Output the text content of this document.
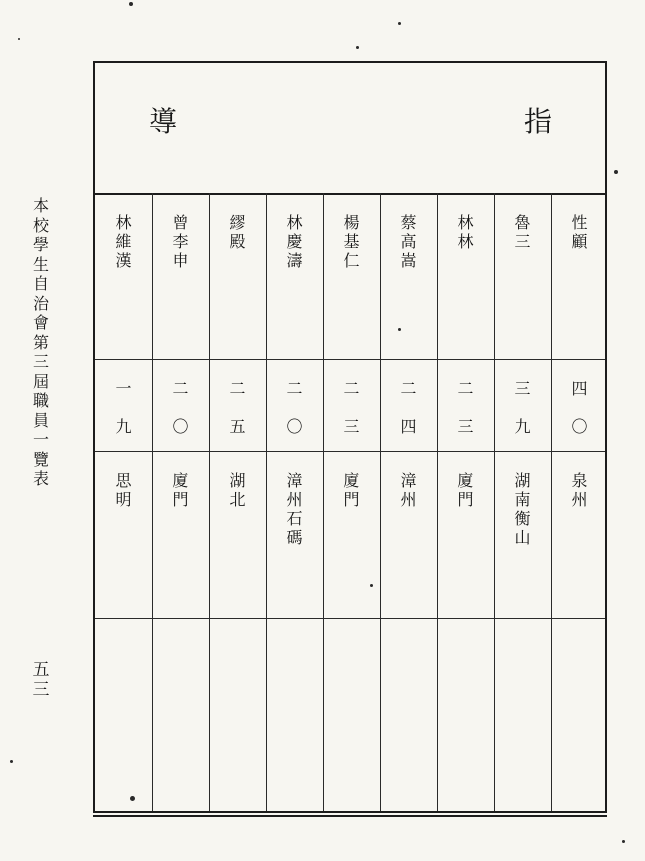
本校學生自治會第三屆職員一覽表
五三
導	指
林維漢
曾李申
繆殿
林慶濤
楊基仁
蔡高嵩
林林
魯三
性顧
一
九
二
〇
二
五
二
〇
二
三
二
四
二
三
三
九
四
〇
思明
廈門
湖北
漳州石碼
廈門
漳州
廈門
湖南衡山
泉州
